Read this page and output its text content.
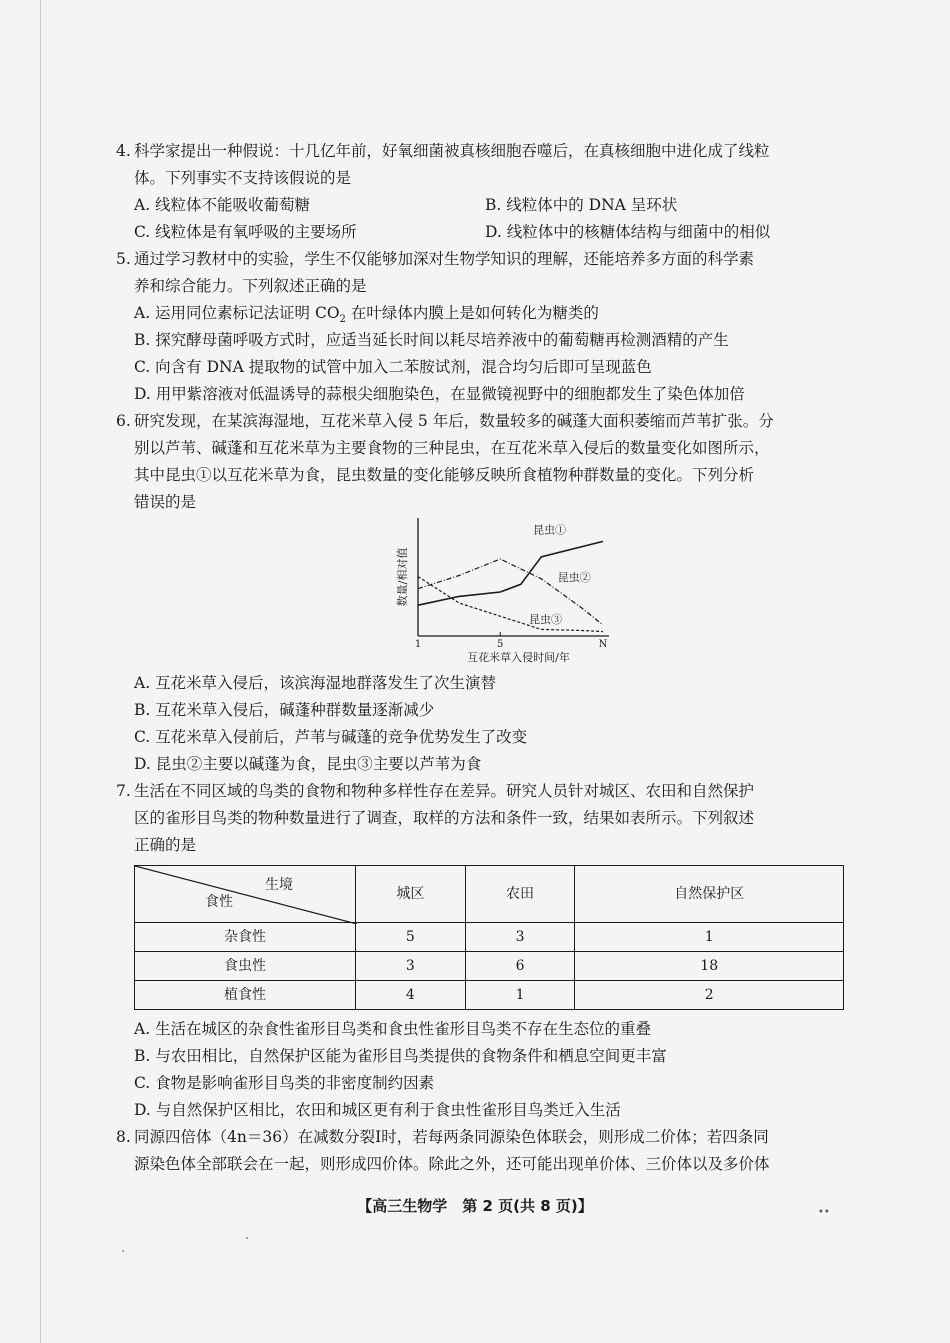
4. 科学家提出一种假说：十几亿年前，好氧细菌被真核细胞吞噬后，在真核细胞中进化成了线粒
体。下列事实不支持该假说的是
A. 线粒体不能吸收葡萄糖	B. 线粒体中的 DNA 呈环状
C. 线粒体是有氧呼吸的主要场所	D. 线粒体中的核糖体结构与细菌中的相似
5. 通过学习教材中的实验，学生不仅能够加深对生物学知识的理解，还能培养多方面的科学素
养和综合能力。下列叙述正确的是
A. 运用同位素标记法证明 $CO_2$ 在叶绿体内膜上是如何转化为糖类的
B. 探究酵母菌呼吸方式时，应适当延长时间以耗尽培养液中的葡萄糖再检测酒精的产生
C. 向含有 DNA 提取物的试管中加入二苯胺试剂，混合均匀后即可呈现蓝色
D. 用甲紫溶液对低温诱导的蒜根尖细胞染色，在显微镜视野中的细胞都发生了染色体加倍
6. 研究发现，在某滨海湿地，互花米草入侵 5 年后，数量较多的碱蓬大面积萎缩而芦苇扩张。分
别以芦苇、碱蓬和互花米草为主要食物的三种昆虫，在互花米草入侵后的数量变化如图所示，
其中昆虫①以互花米草为食，昆虫数量的变化能够反映所食植物种群数量的变化。下列分析
错误的是
1	5	N
互花米草入侵时间/年
数量/相对值
昆虫①
昆虫②
昆虫③
A. 互花米草入侵后，该滨海湿地群落发生了次生演替
B. 互花米草入侵后，碱蓬种群数量逐渐减少
C. 互花米草入侵前后，芦苇与碱蓬的竞争优势发生了改变
D. 昆虫②主要以碱蓬为食，昆虫③主要以芦苇为食
7. 生活在不同区域的鸟类的食物和物种多样性存在差异。研究人员针对城区、农田和自然保护
区的雀形目鸟类的物种数量进行了调查，取样的方法和条件一致，结果如表所示。下列叙述
正确的是
生境
食性	城区	农田	自然保护区
杂食性	5	3	1
食虫性	3	6	18
植食性	4	1	2
A. 生活在城区的杂食性雀形目鸟类和食虫性雀形目鸟类不存在生态位的重叠
B. 与农田相比，自然保护区能为雀形目鸟类提供的食物条件和栖息空间更丰富
C. 食物是影响雀形目鸟类的非密度制约因素
D. 与自然保护区相比，农田和城区更有利于食虫性雀形目鸟类迁入生活
8. 同源四倍体（4n＝36）在减数分裂Ⅰ时，若每两条同源染色体联会，则形成二价体；若四条同
源染色体全部联会在一起，则形成四价体。除此之外，还可能出现单价体、三价体以及多价体
【高三生物学　第 2 页(共 8 页)】	••
